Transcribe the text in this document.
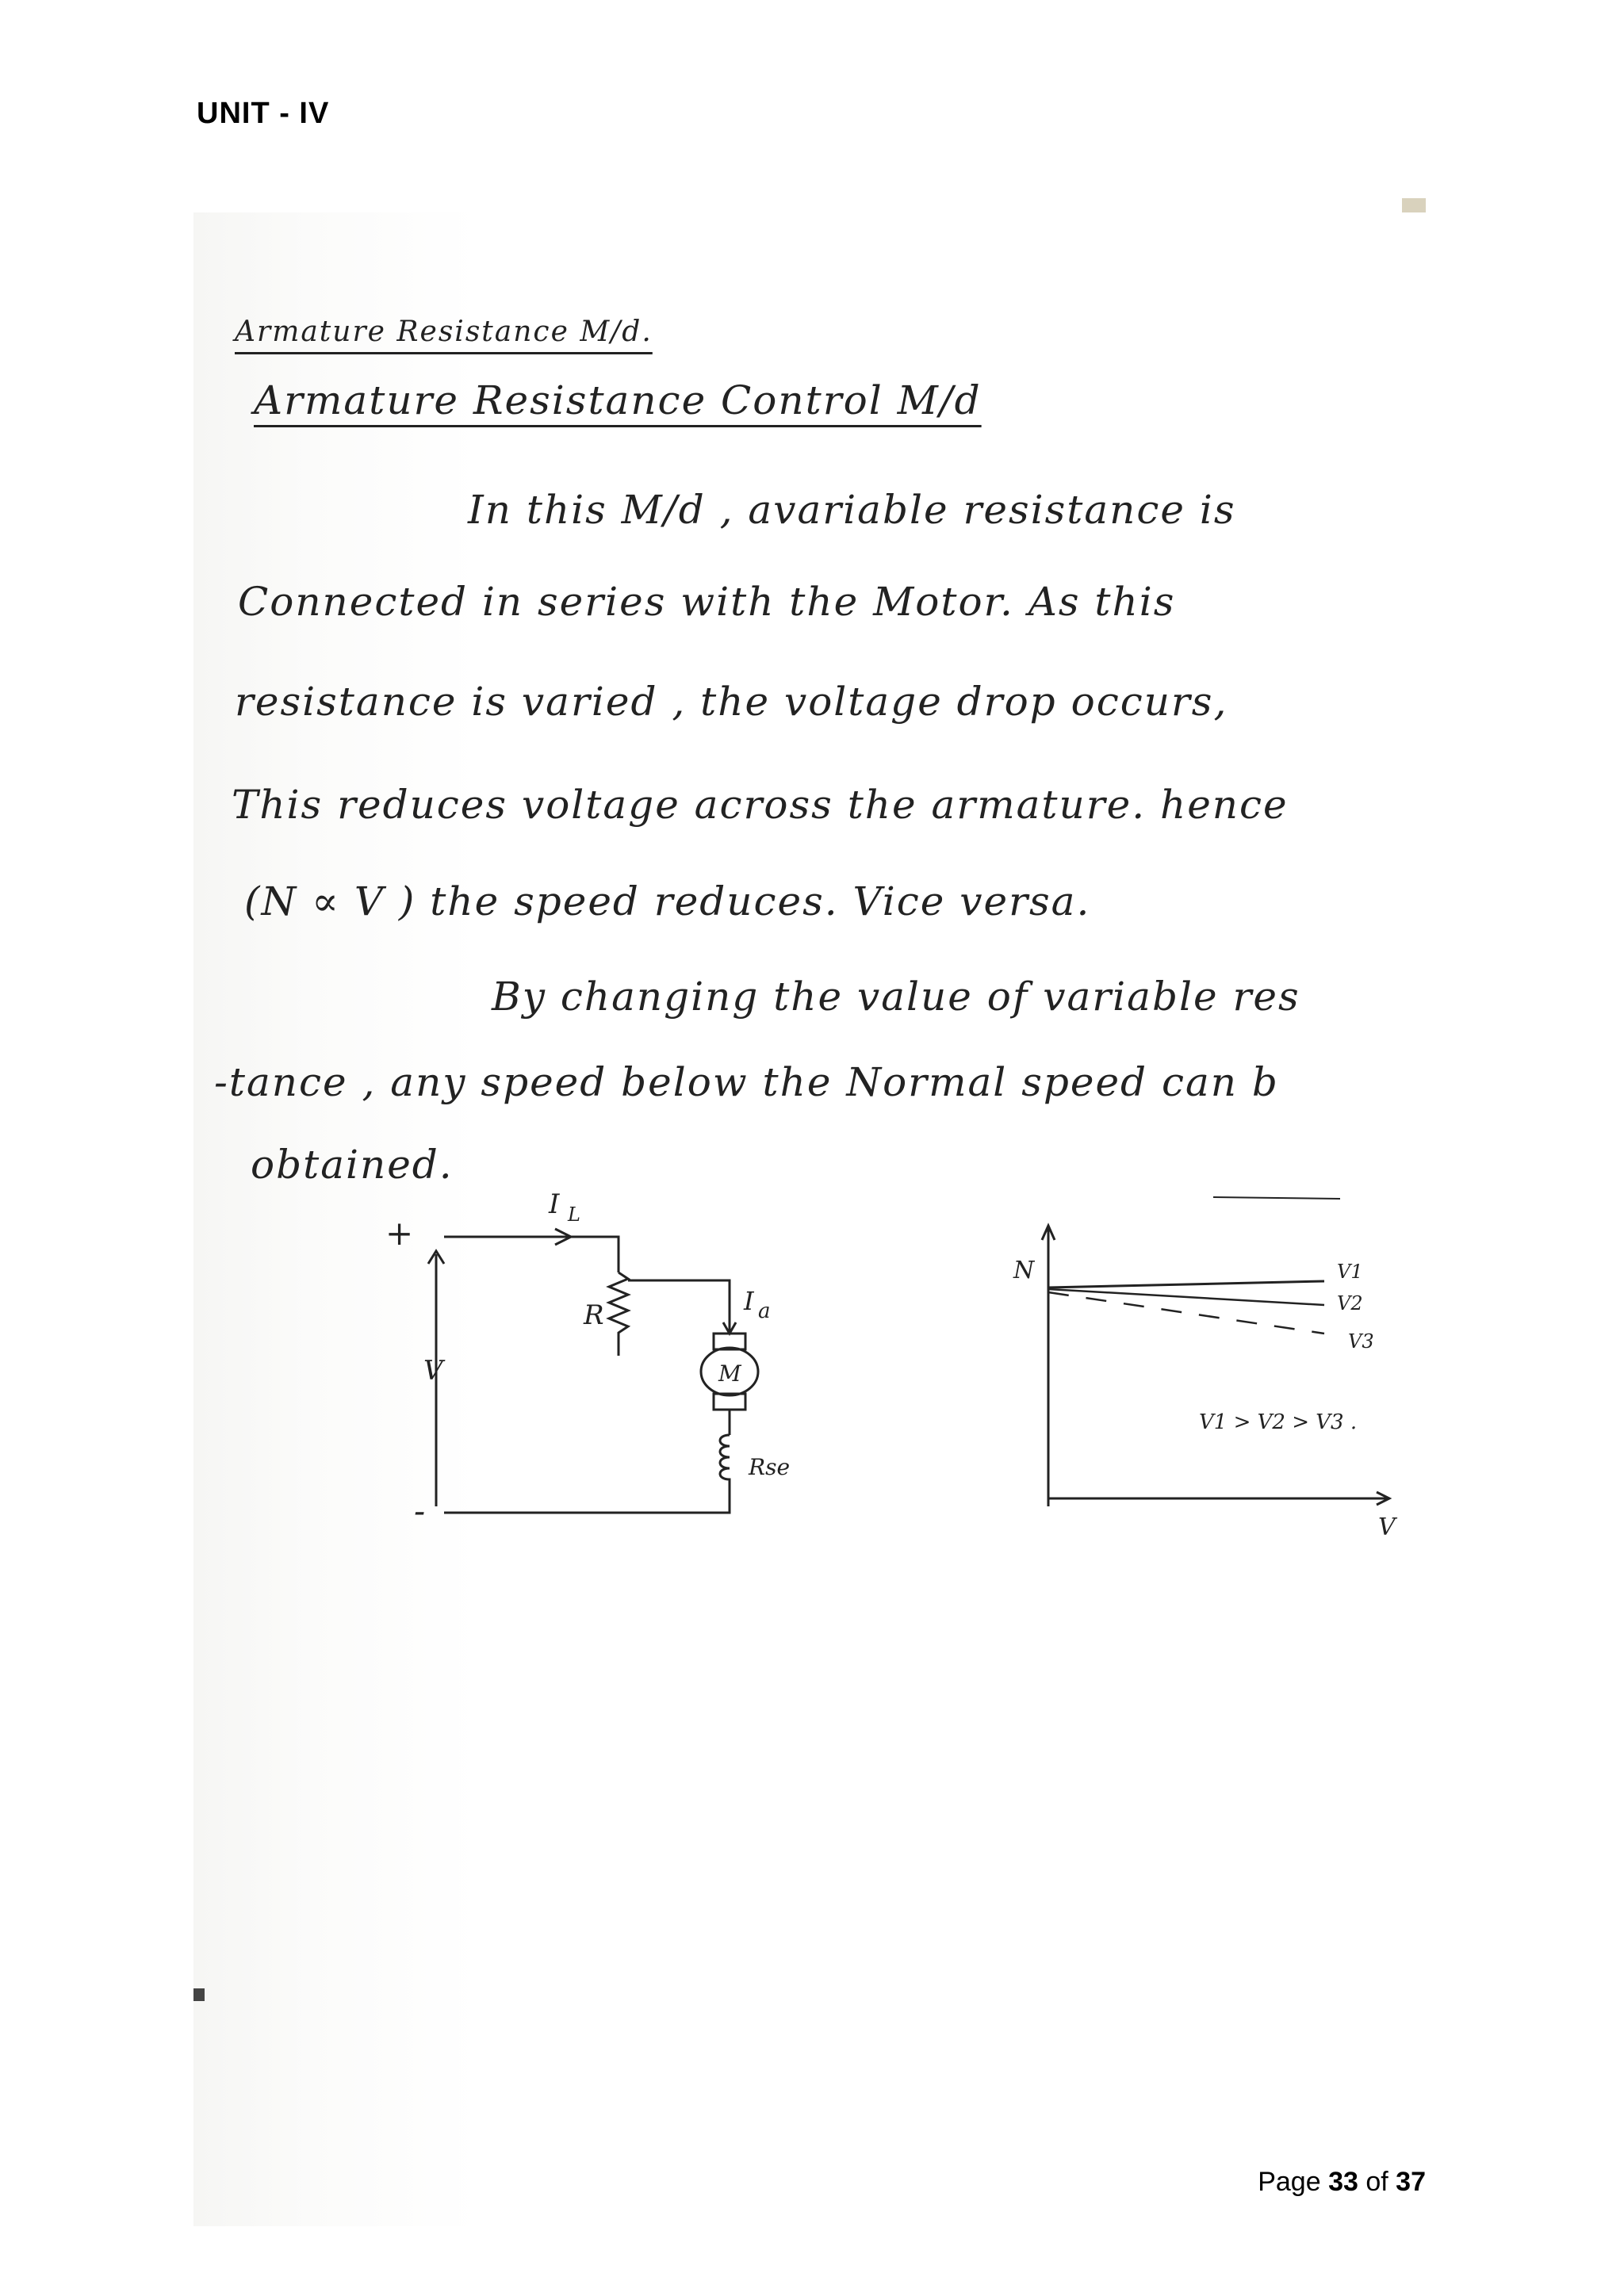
UNIT - IV
Armature Resistance M/d.
Armature Resistance Control M/d
In this M/d , avariable resistance is
Connected in series with the Motor. As this
resistance is varied , the voltage drop occurs,
This reduces voltage across the armature. hence
(N ∝ V ) the speed reduces. Vice versa.
By changing the value of variable res
-tance , any speed below the Normal speed can b
obtained.
I L
+
-
V
R	I a
M
Rse
N
V
V1
V2
V3
V1 > V2 > V3 .
Page 33 of 37
